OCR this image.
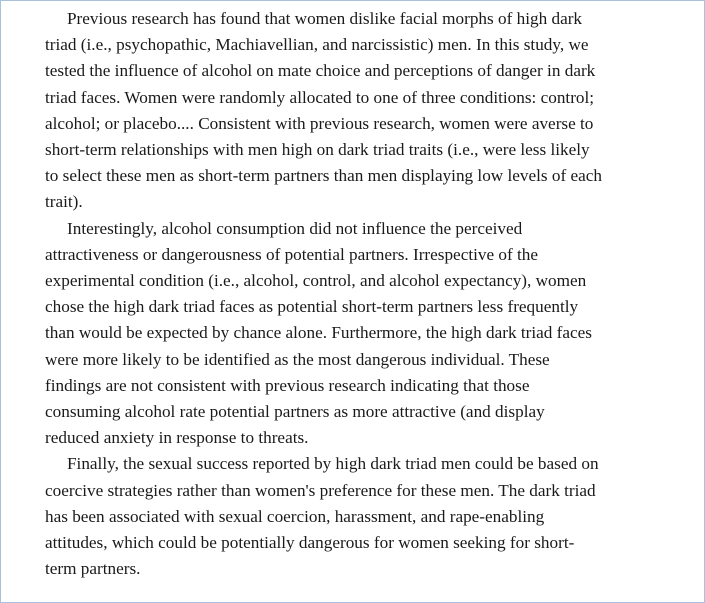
Previous research has found that women dislike facial morphs of high dark
triad (i.e., psychopathic, Machiavellian, and narcissistic) men. In this study, we
tested the influence of alcohol on mate choice and perceptions of danger in dark
triad faces. Women were randomly allocated to one of three conditions: control;
alcohol; or placebo.... Consistent with previous research, women were averse to
short-term relationships with men high on dark triad traits (i.e., were less likely
to select these men as short-term partners than men displaying low levels of each
trait).
Interestingly, alcohol consumption did not influence the perceived
attractiveness or dangerousness of potential partners. Irrespective of the
experimental condition (i.e., alcohol, control, and alcohol expectancy), women
chose the high dark triad faces as potential short-term partners less frequently
than would be expected by chance alone. Furthermore, the high dark triad faces
were more likely to be identified as the most dangerous individual. These
findings are not consistent with previous research indicating that those
consuming alcohol rate potential partners as more attractive (and display
reduced anxiety in response to threats.
Finally, the sexual success reported by high dark triad men could be based on
coercive strategies rather than women's preference for these men. The dark triad
has been associated with sexual coercion, harassment, and rape-enabling
attitudes, which could be potentially dangerous for women seeking for short-
term partners.
